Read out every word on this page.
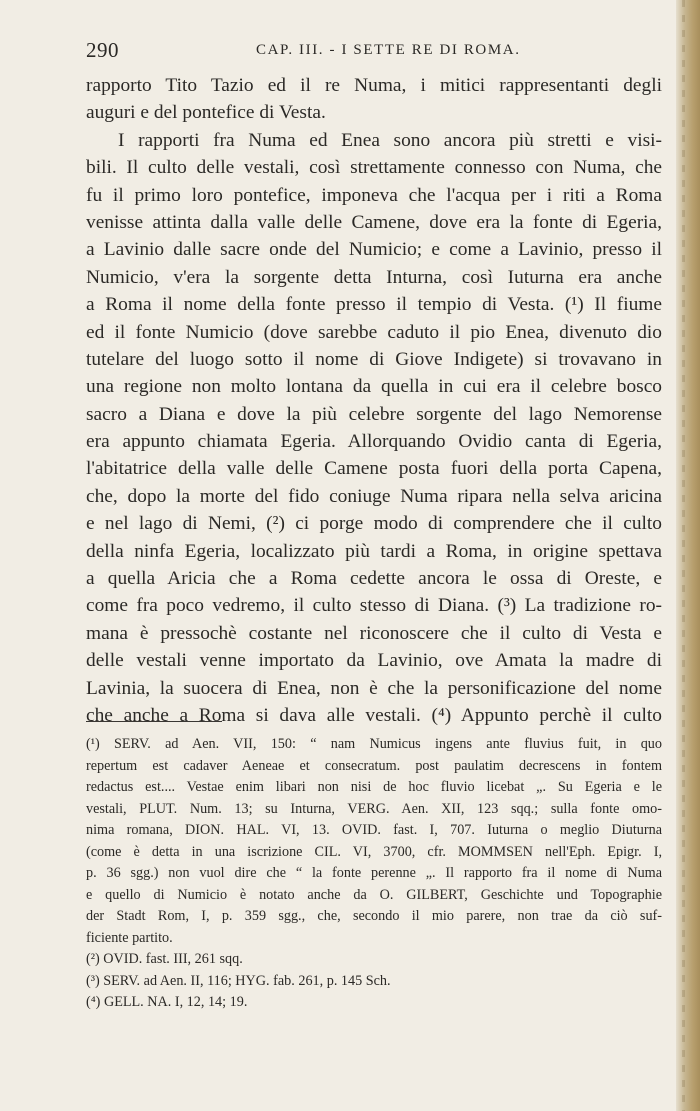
290	CAP. III. - I SETTE RE DI ROMA.
rapporto Tito Tazio ed il re Numa, i mitici rappresentanti degli
auguri e del pontefice di Vesta.
I rapporti fra Numa ed Enea sono ancora più stretti e visi-
bili. Il culto delle vestali, così strettamente connesso con Numa, che
fu il primo loro pontefice, imponeva che l'acqua per i riti a Roma
venisse attinta dalla valle delle Camene, dove era la fonte di Egeria,
a Lavinio dalle sacre onde del Numicio; e come a Lavinio, presso il
Numicio, v'era la sorgente detta Inturna, così Iuturna era anche
a Roma il nome della fonte presso il tempio di Vesta. (¹) Il fiume
ed il fonte Numicio (dove sarebbe caduto il pio Enea, divenuto dio
tutelare del luogo sotto il nome di Giove Indigete) si trovavano in
una regione non molto lontana da quella in cui era il celebre bosco
sacro a Diana e dove la più celebre sorgente del lago Nemorense
era appunto chiamata Egeria. Allorquando Ovidio canta di Egeria,
l'abitatrice della valle delle Camene posta fuori della porta Capena,
che, dopo la morte del fido coniuge Numa ripara nella selva aricina
e nel lago di Nemi, (²) ci porge modo di comprendere che il culto
della ninfa Egeria, localizzato più tardi a Roma, in origine spettava
a quella Aricia che a Roma cedette ancora le ossa di Oreste, e
come fra poco vedremo, il culto stesso di Diana. (³) La tradizione ro-
mana è pressochè costante nel riconoscere che il culto di Vesta e
delle vestali venne importato da Lavinio, ove Amata la madre di
Lavinia, la suocera di Enea, non è che la personificazione del nome
che anche a Roma si dava alle vestali. (⁴) Appunto perchè il culto
(¹) SERV. ad Aen. VII, 150: “ nam Numicus ingens ante fluvius fuit, in quo
repertum est cadaver Aeneae et consecratum. post paulatim decrescens in fontem
redactus est.... Vestae enim libari non nisi de hoc fluvio licebat „. Su Egeria e le
vestali, PLUT. Num. 13; su Inturna, VERG. Aen. XII, 123 sqq.; sulla fonte omo-
nima romana, DION. HAL. VI, 13. OVID. fast. I, 707. Iuturna o meglio Diuturna
(come è detta in una iscrizione CIL. VI, 3700, cfr. MOMMSEN nell'Eph. Epigr. I,
p. 36 sgg.) non vuol dire che “ la fonte perenne „. Il rapporto fra il nome di Numa
e quello di Numicio è notato anche da O. GILBERT, Geschichte und Topographie
der Stadt Rom, I, p. 359 sgg., che, secondo il mio parere, non trae da ciò suf-
ficiente partito.
(²) OVID. fast. III, 261 sqq.
(³) SERV. ad Aen. II, 116; HYG. fab. 261, p. 145 Sch.
(⁴) GELL. NA. I, 12, 14; 19.
